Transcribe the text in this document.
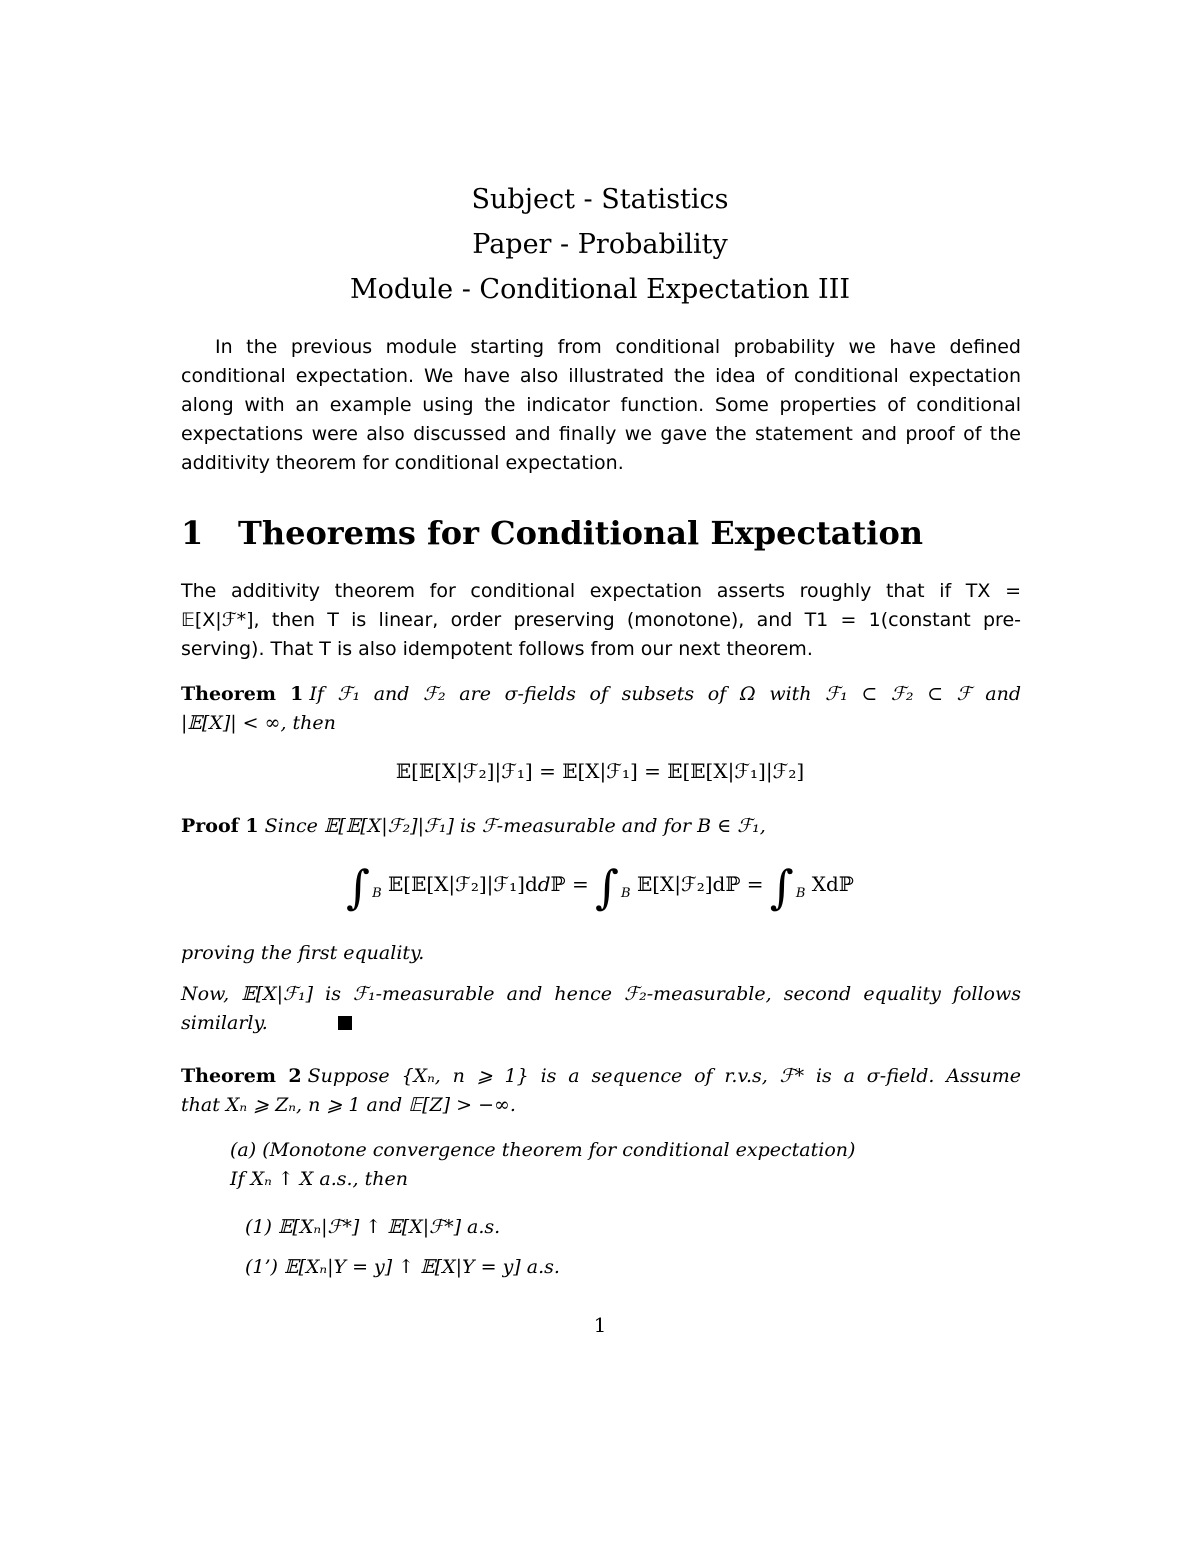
Subject - Statistics
Paper - Probability
Module - Conditional Expectation III
In the previous module starting from conditional probability we have defined
conditional expectation. We have also illustrated the idea of conditional expectation
along with an example using the indicator function. Some properties of conditional
expectations were also discussed and finally we gave the statement and proof of the
additivity theorem for conditional expectation.
1 Theorems for Conditional Expectation
The additivity theorem for conditional expectation asserts roughly that if TX =
𝔼[X|ℱ*], then T is linear, order preserving (monotone), and T1 = 1(constant pre-
serving). That T is also idempotent follows from our next theorem.
Theorem 1 If ℱ₁ and ℱ₂ are σ-fields of subsets of Ω with ℱ₁ ⊂ ℱ₂ ⊂ ℱ and
|𝔼[X]| < ∞, then
𝔼[𝔼[X|ℱ₂]|ℱ₁] = 𝔼[X|ℱ₁] = 𝔼[𝔼[X|ℱ₁]|ℱ₂]
Proof 1 Since 𝔼[𝔼[X|ℱ₂]|ℱ₁] is ℱ-measurable and for B ∈ ℱ₁,
∫ $_B$ 𝔼[𝔼[X|ℱ₂]|ℱ₁]d𝑑ℙ = ∫ $_B$ 𝔼[X|ℱ₂]dℙ = ∫ $_B$ Xdℙ
proving the first equality.
Now, 𝔼[X|ℱ₁] is ℱ₁-measurable and hence ℱ₂-measurable, second equality follows
similarly.
Theorem 2 Suppose {Xₙ, n ⩾ 1} is a sequence of r.v.s, ℱ* is a σ-field. Assume
that Xₙ ⩾ Zₙ, n ⩾ 1 and 𝔼[Z] > −∞.
(a) (Monotone convergence theorem for conditional expectation)
If Xₙ ↑ X a.s., then
(1) 𝔼[Xₙ|ℱ*] ↑ 𝔼[X|ℱ*] a.s.
(1’) 𝔼[Xₙ|Y = y] ↑ 𝔼[X|Y = y] a.s.
1
